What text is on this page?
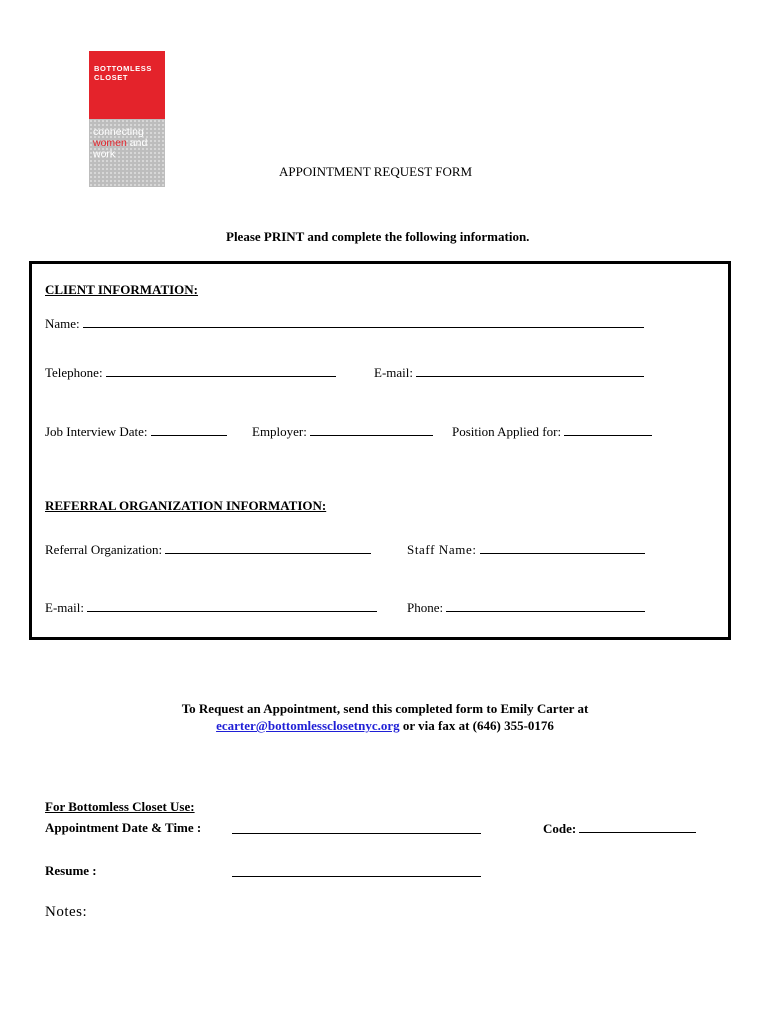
BOTTOMLESS
CLOSET
connecting
women and
work
APPOINTMENT REQUEST FORM
Please PRINT and complete the following information.
CLIENT INFORMATION:
Name:
Telephone:	E-mail:
Job Interview Date:	Employer:	Position Applied for:
REFERRAL ORGANIZATION INFORMATION:
Referral Organization:	Staff Name:
E-mail:	Phone:
To Request an Appointment, send this completed form to Emily Carter at
ecarter@bottomlessclosetnyc.org or via fax at (646) 355-0176
For Bottomless Closet Use:
Appointment Date & Time :	Code:
Resume :
Notes:
